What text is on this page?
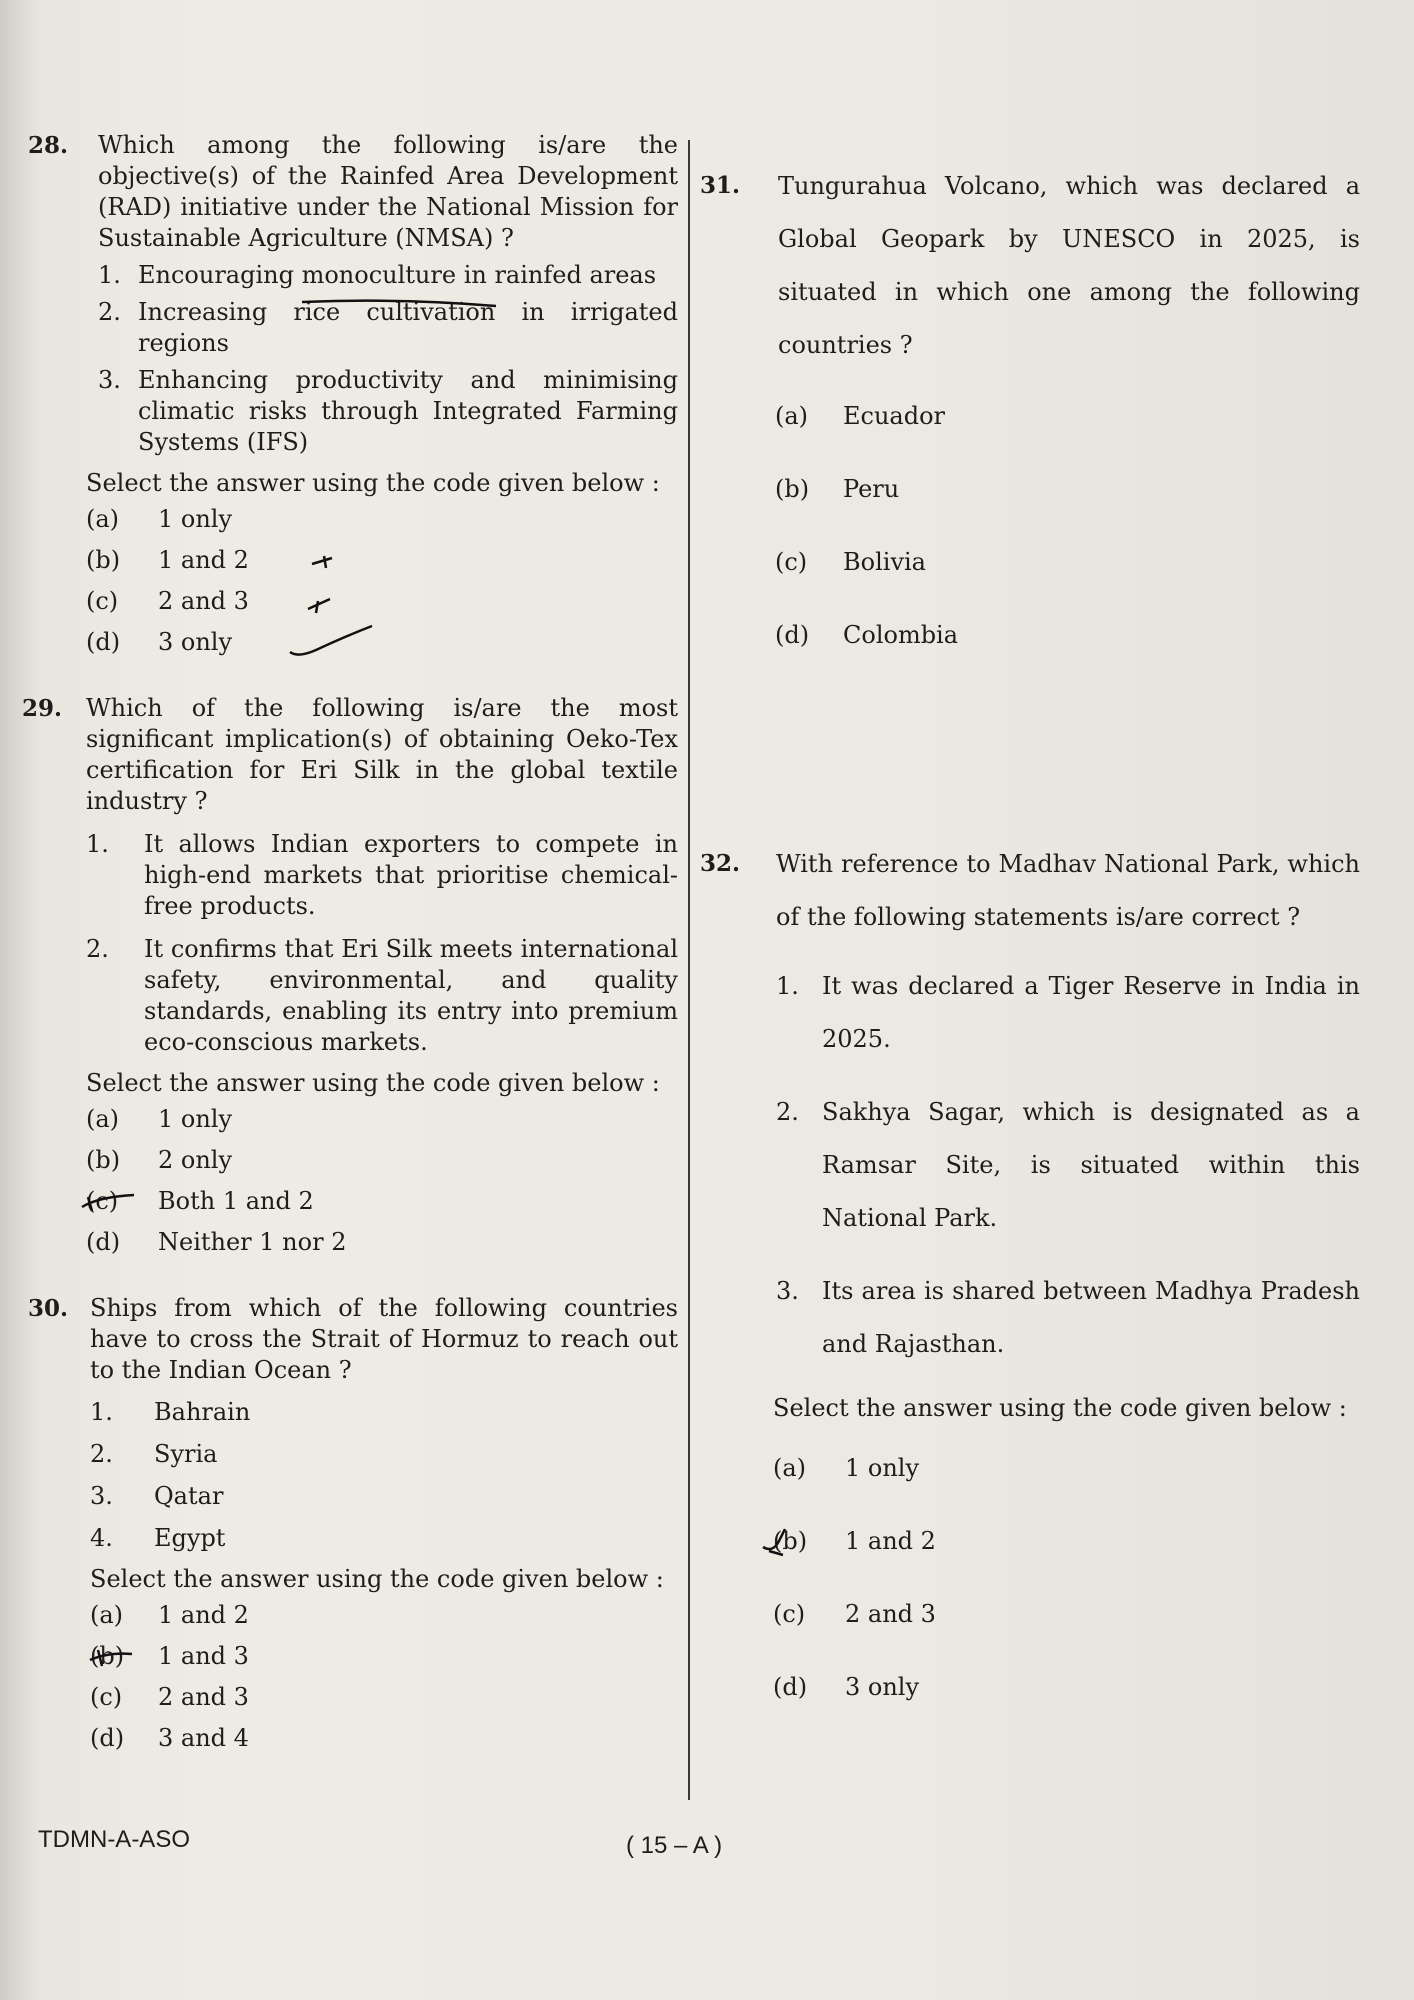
28. Which among the following is/are the objective(s) of the Rainfed Area Development (RAD) initiative under the National Mission for Sustainable Agriculture (NMSA) ?
1. Encouraging monoculture in rainfed areas
2. Increasing rice cultivation in irrigated regions
3. Enhancing productivity and minimising climatic risks through Integrated Farming Systems (IFS)
Select the answer using the code given below :
(a)	1 only
(b)	1 and 2
(c)	2 and 3
(d)	3 only
29. Which of the following is/are the most significant implication(s) of obtaining Oeko-Tex certification for Eri Silk in the global textile industry ?
1.	It allows Indian exporters to compete in high-end markets that prioritise chemical-free products.
2.	It confirms that Eri Silk meets international safety, environmental, and quality standards, enabling its entry into premium eco-conscious markets.
Select the answer using the code given below :
(a)	1 only
(b)	2 only
(c)	Both 1 and 2
(d)	Neither 1 nor 2
30. Ships from which of the following countries have to cross the Strait of Hormuz to reach out to the Indian Ocean ?
1.	Bahrain
2.	Syria
3.	Qatar
4.	Egypt
Select the answer using the code given below :
(a)	1 and 2
(b)	1 and 3
(c)	2 and 3
(d)	3 and 4
31. Tungurahua Volcano, which was declared a Global Geopark by UNESCO in 2025, is situated in which one among the following countries ?
(a)	Ecuador
(b)	Peru
(c)	Bolivia
(d)	Colombia
32. With reference to Madhav National Park, which of the following statements is/are correct ?
1. It was declared a Tiger Reserve in India in 2025.
2. Sakhya Sagar, which is designated as a Ramsar Site, is situated within this National Park.
3. Its area is shared between Madhya Pradesh and Rajasthan.
Select the answer using the code given below :
(a)	1 only
(b)	1 and 2
(c)	2 and 3
(d)	3 only
TDMN-A-ASO	( 15 – A )
